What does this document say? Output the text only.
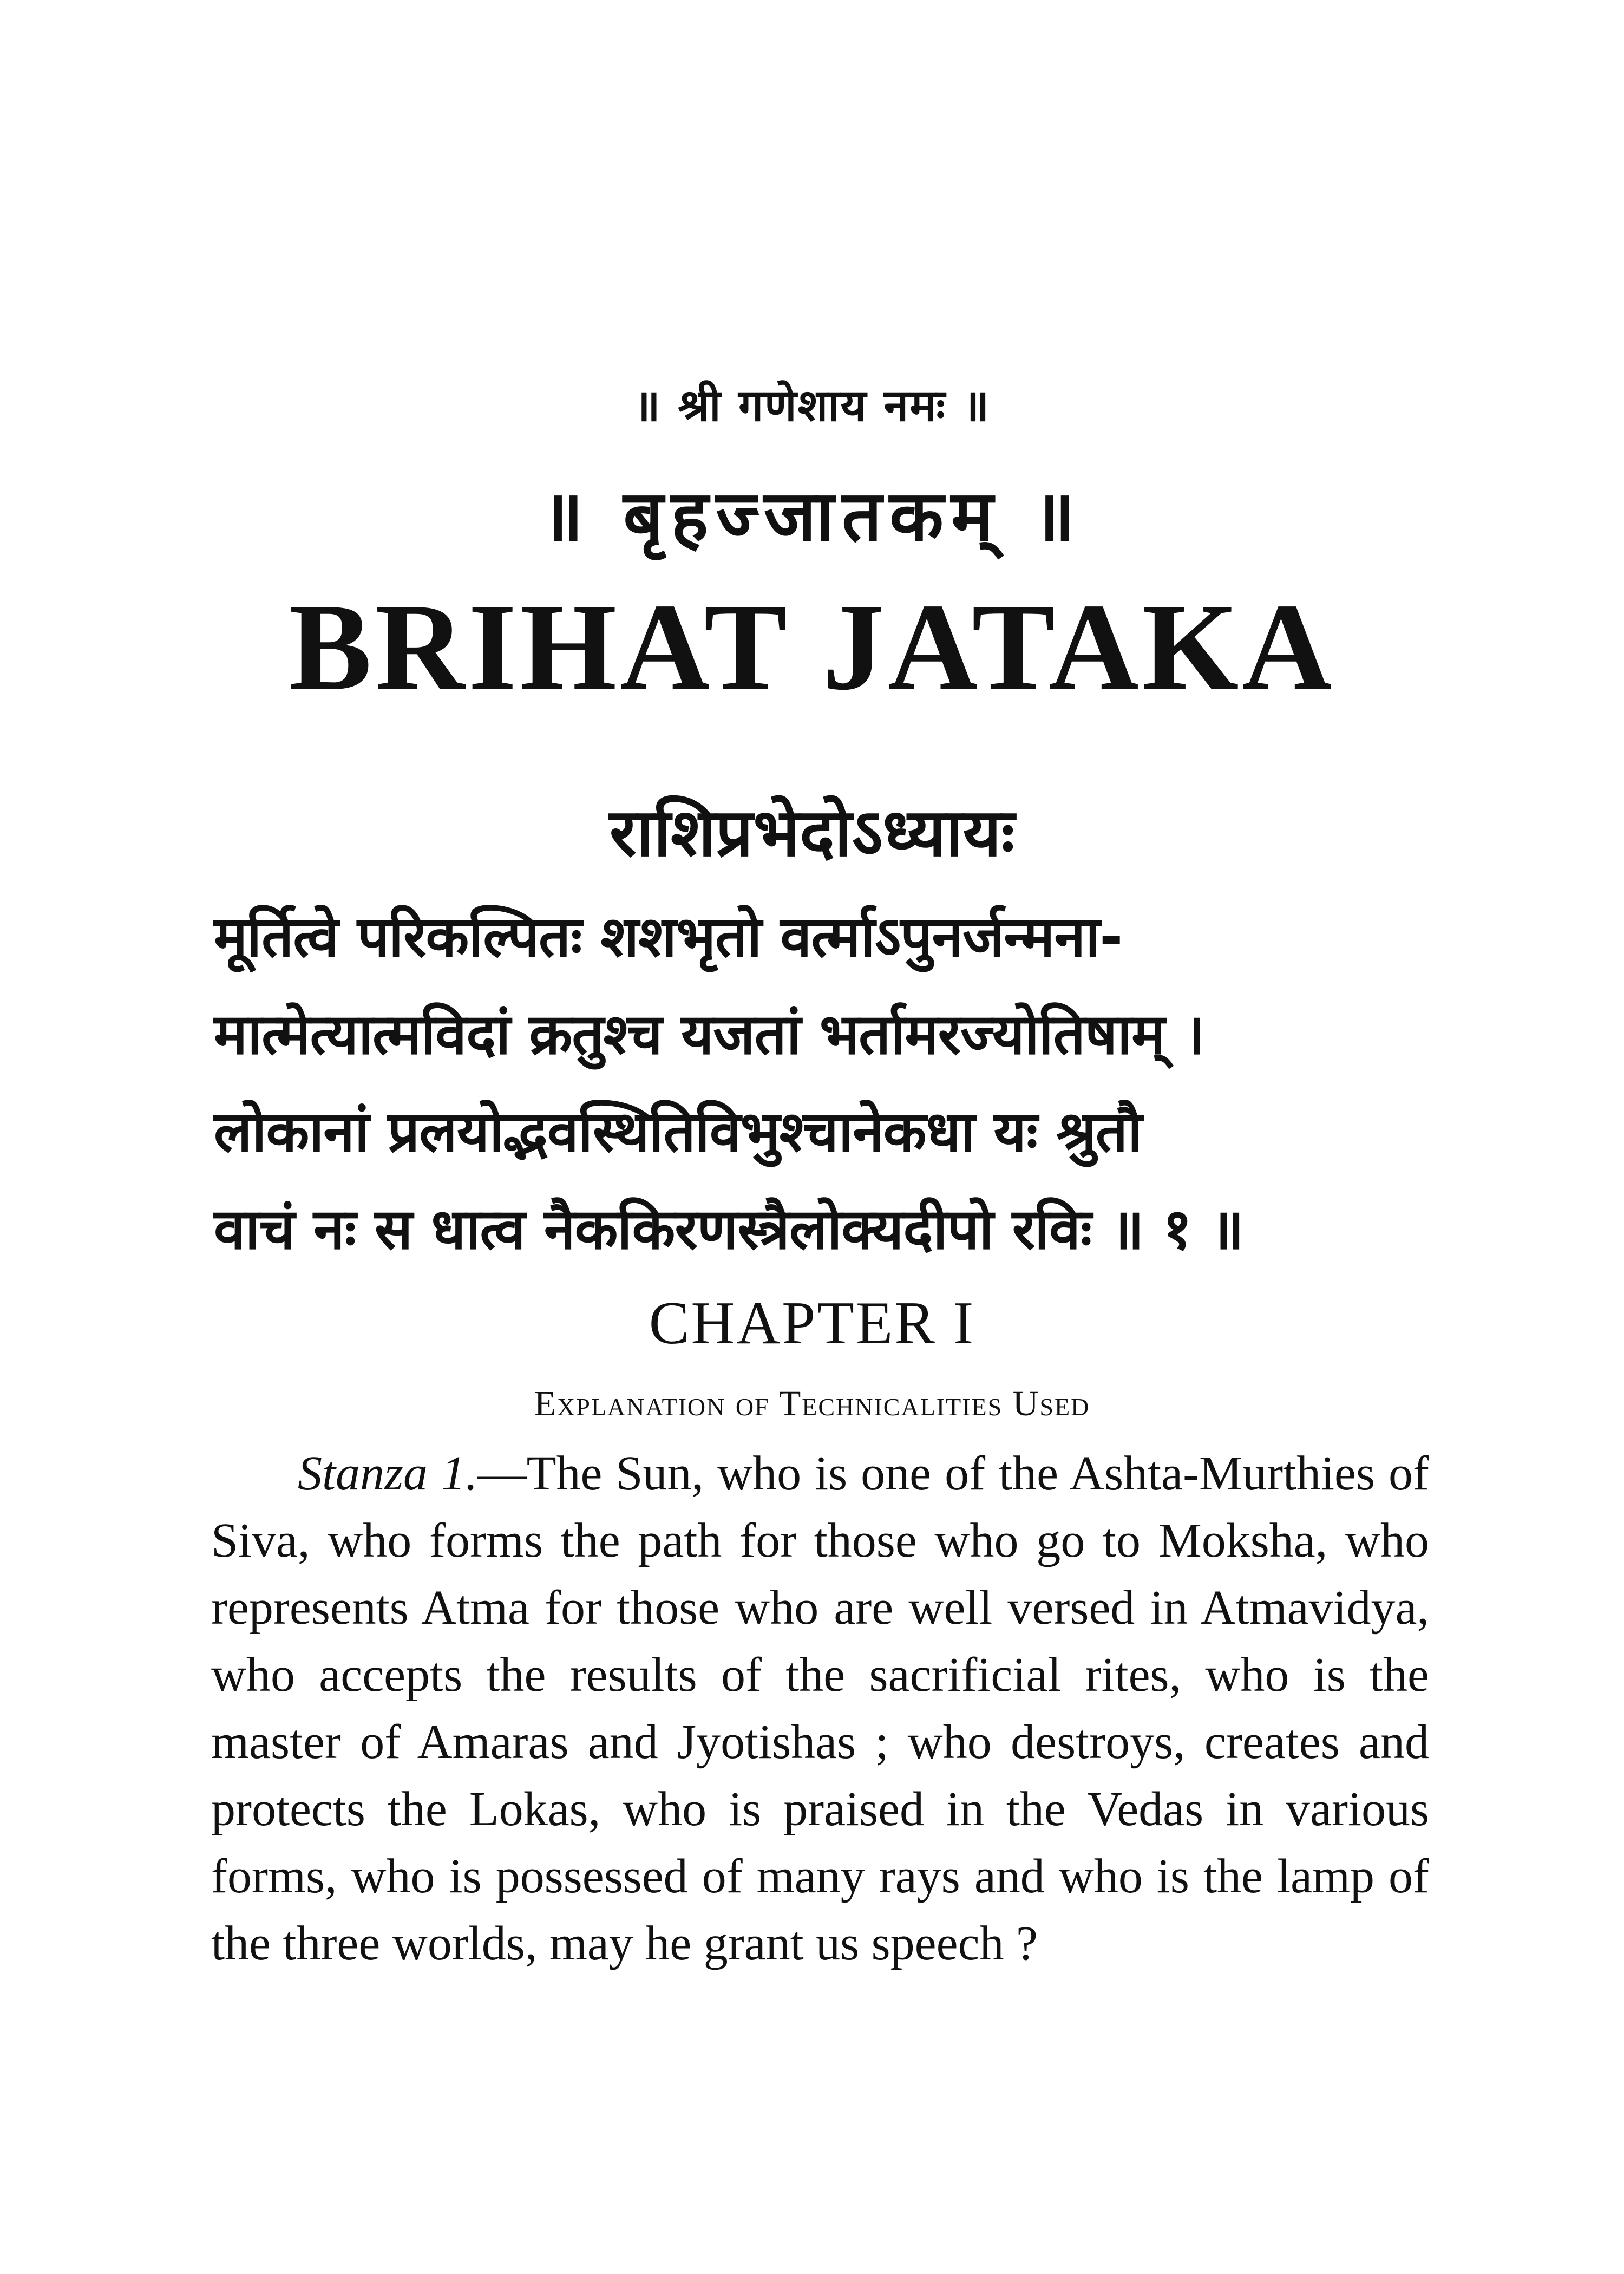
॥ श्री गणेशाय नमः ॥
॥ बृहज्जातकम् ॥
BRIHAT JATAKA
राशिप्रभेदोऽध्यायः
मूर्तित्वे परिकल्पितः शशभृतो वर्त्माऽपुनर्जन्मना-
मात्मेत्यात्मविदां क्रतुश्च यजतां भर्तामरज्योतिषाम् ।
लोकानां प्रलयोद्भवस्थितिविभुश्चानेकधा यः श्रुतौ
वाचं नः स धात्व नैककिरणस्त्रैलोक्यदीपो रविः ॥ १ ॥
CHAPTER I
Explanation of Technicalities Used
Stanza 1.—The Sun, who is one of the Ashta-Murthies of Siva, who forms the path for those who go to Moksha, who represents Atma for those who are well versed in Atmavidya, who accepts the results of the sacrificial rites, who is the master of Amaras and Jyotishas ; who destroys, creates and protects the Lokas, who is praised in the Vedas in various forms, who is possessed of many rays and who is the lamp of the three worlds, may he grant us speech ?
